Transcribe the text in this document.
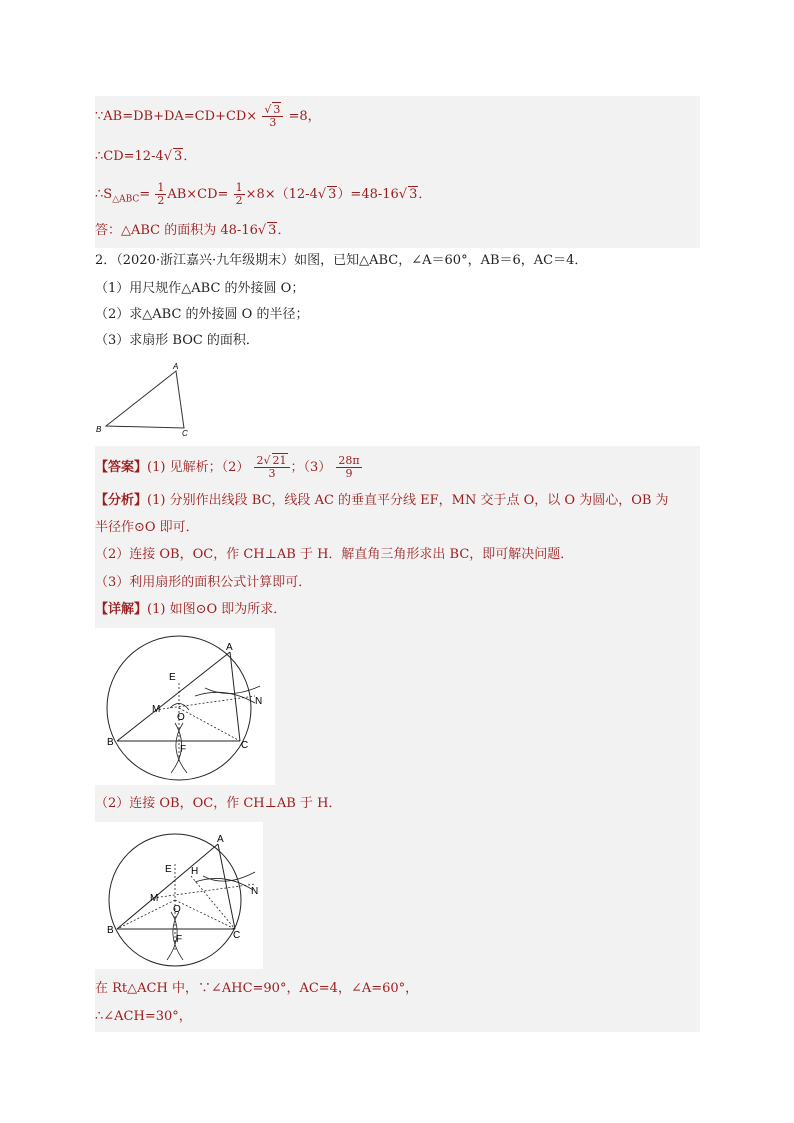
∵AB=DB+DA=CD+CD× $\frac{√ 3}{3} =8$，
∴CD=12-4√ 3．
$\therefore S_{\triangle ABC}= \frac{1}{2} AB\times CD= \frac{1}{2} \times 8\times(12-4√$ 3）=48-16√ 3．
答：△ABC 的面积为 48-16√ 3．
2．（2020·浙江嘉兴·九年级期末）如图，已知△ABC，∠A＝60°，AB＝6，AC＝4．
（1）用尺规作△ABC 的外接圆 O；
（2）求△ABC 的外接圆 O 的半径；
（3）求扇形 BOC 的面积．
A
B	C
【答案】(1) 见解析；$(2) \frac{2√ 21}{3}$ ；$(3) \frac{28\pi}{9}$
【分析】(1) 分别作出线段 BC，线段 AC 的垂直平分线 EF，MN 交于点 O，以 O 为圆心，OB 为
半径作⊙O 即可．
（2）连接 OB，OC，作 CH⊥AB 于 H．解直角三角形求出 BC，即可解决问题．
（3）利用扇形的面积公式计算即可．
【详解】(1) 如图⊙O 即为所求．
A
B	C
E
F
M
N
O
（2）连接 OB，OC，作 CH⊥AB 于 H．
A
B	C
E
F
M
N
O
H
在 Rt△ACH 中，∵∠AHC=90°，AC=4，∠A=60°，
∴∠ACH=30°，
